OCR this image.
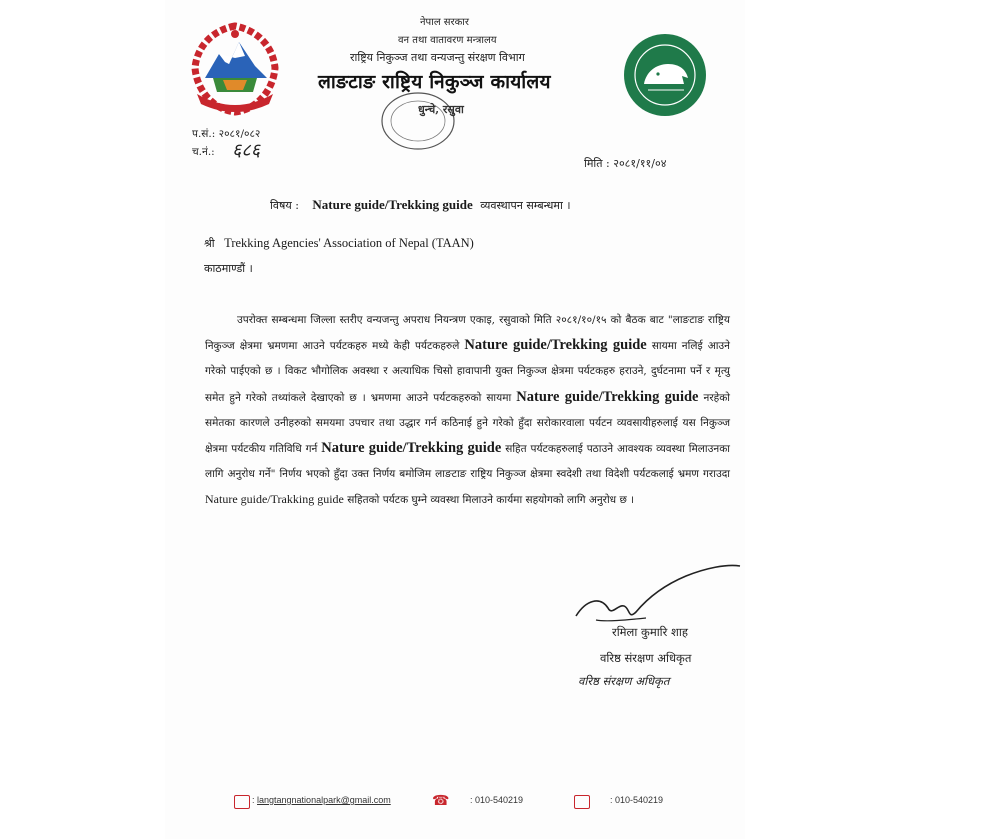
नेपाल सरकार
वन तथा वातावरण मन्त्रालय
राष्ट्रिय निकुञ्ज तथा वन्यजन्तु संरक्षण विभाग
लाङटाङ राष्ट्रिय निकुञ्ज कार्यालय
धुन्चे, रसुवा
प.सं.: २०८१/०८२
च.नं.: ६८६
मिति : २०८१/११/०४
विषय : Nature guide/Trekking guide व्यवस्थापन सम्बन्धमा ।
श्री Trekking Agencies' Association of Nepal (TAAN)
काठमाण्डौं ।
उपरोक्त सम्बन्धमा जिल्ला स्तरीए वन्यजन्तु अपराध नियन्त्रण एकाइ, रसुवाको मिति २०८१/१०/१५ को बैठक बाट "लाङटाङ राष्ट्रिय निकुञ्ज क्षेत्रमा भ्रमणमा आउने पर्यटकहरु मध्ये केही पर्यटकहरुले Nature guide/Trekking guide सायमा नलिई आउने गरेको पाईएको छ । विकट भौगोलिक अवस्था र अत्याधिक चिसो हावापानी युक्त निकुञ्ज क्षेत्रमा पर्यटकहरु हराउने, दुर्घटनामा पर्ने र मृत्यु समेत हुने गरेको तथ्यांकले देखाएको छ । भ्रमणमा आउने पर्यटकहरुको सायमा Nature guide/Trekking guide नरहेको समेतका कारणले उनीहरुको समयमा उपचार तथा उद्धार गर्न कठिनाई हुने गरेको हुँदा सरोकारवाला पर्यटन व्यवसायीहरुलाई यस निकुञ्ज क्षेत्रमा पर्यटकीय गतिविधि गर्न Nature guide/Trekking guide सहित पर्यटकहरुलाई पठाउने आवश्यक व्यवस्था मिलाउनका लागि अनुरोध गर्ने" निर्णय भएको हुँदा उक्त निर्णय बमोजिम लाङटाङ राष्ट्रिय निकुञ्ज क्षेत्रमा स्वदेशी तथा विदेशी पर्यटकलाई भ्रमण गराउदा Nature guide/Trakking guide सहितको पर्यटक घुम्ने व्यवस्था मिलाउने कार्यमा सहयोगको लागि अनुरोध छ ।
रमिला कुमारि शाह
वरिष्ठ संरक्षण अधिकृत
वरिष्ठ संरक्षण अधिकृत
: langtangnationalpark@gmail.com	☎ : 010-540219	: 010-540219
